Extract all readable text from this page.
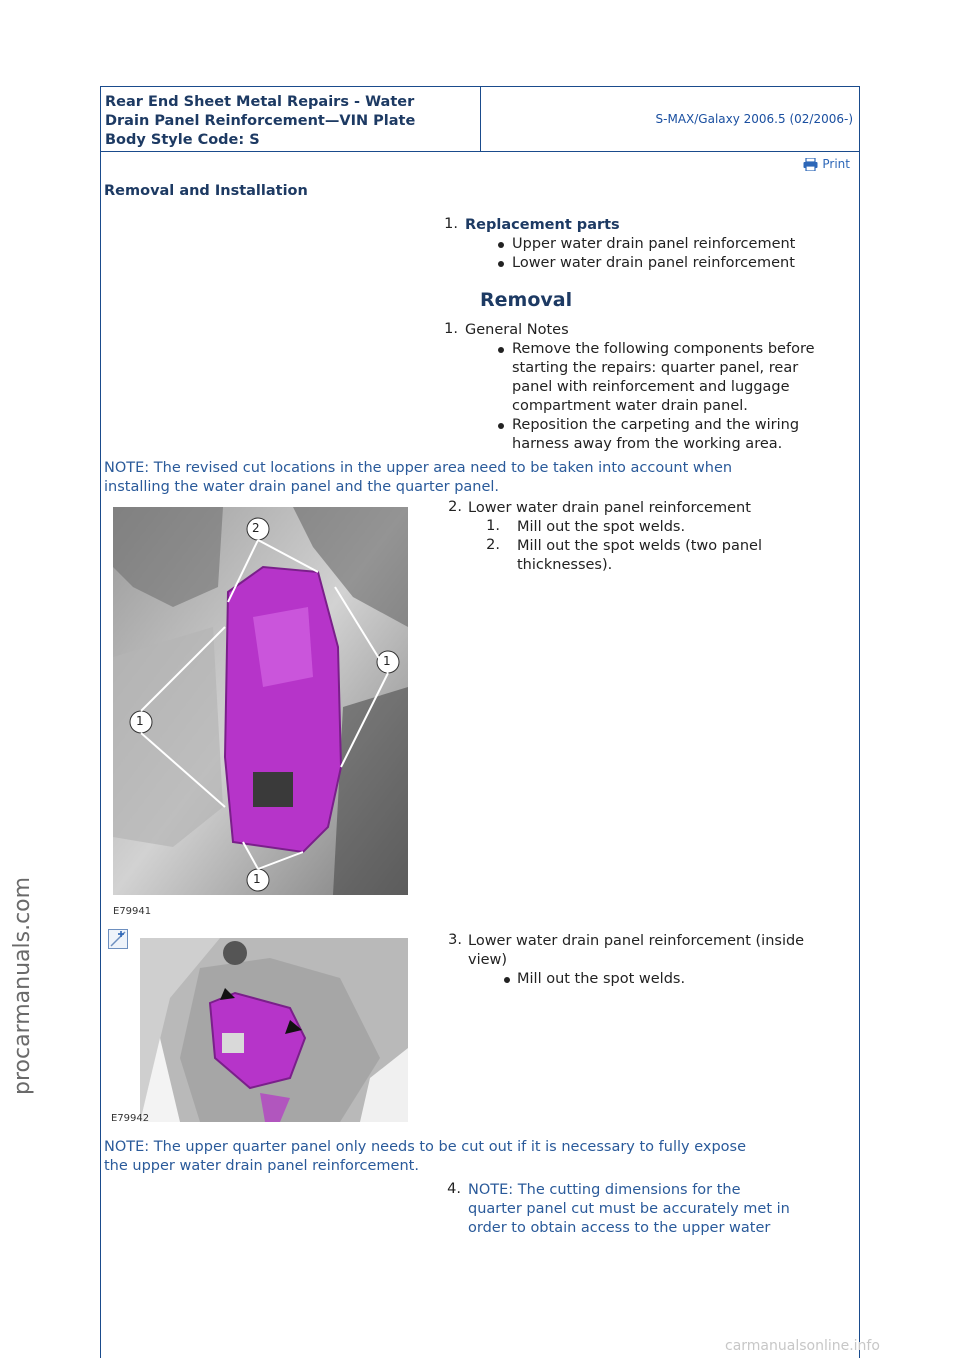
Rear End Sheet Metal Repairs - Water
Drain Panel Reinforcement—VIN Plate
Body Style Code: S
S-MAX/Galaxy 2006.5 (02/2006-)
Print
Removal and Installation
1. Replacement parts
Upper water drain panel reinforcement
Lower water drain panel reinforcement
Removal
1. General Notes
Remove the following components before
starting the repairs: quarter panel, rear
panel with reinforcement and luggage
compartment water drain panel.
Reposition the carpeting and the wiring
harness away from the working area.
NOTE: The revised cut locations in the upper area need to be taken into account when
installing the water drain panel and the quarter panel.
2
1
1
1
E79941
2. Lower water drain panel reinforcement
1. Mill out the spot welds.
2. Mill out the spot welds (two panel
thicknesses).
E79942
3. Lower water drain panel reinforcement (inside
view)
Mill out the spot welds.
NOTE: The upper quarter panel only needs to be cut out if it is necessary to fully expose
the upper water drain panel reinforcement.
4. NOTE: The cutting dimensions for the
quarter panel cut must be accurately met in
order to obtain access to the upper water
procarmanuals.com
carmanualsonline.info
